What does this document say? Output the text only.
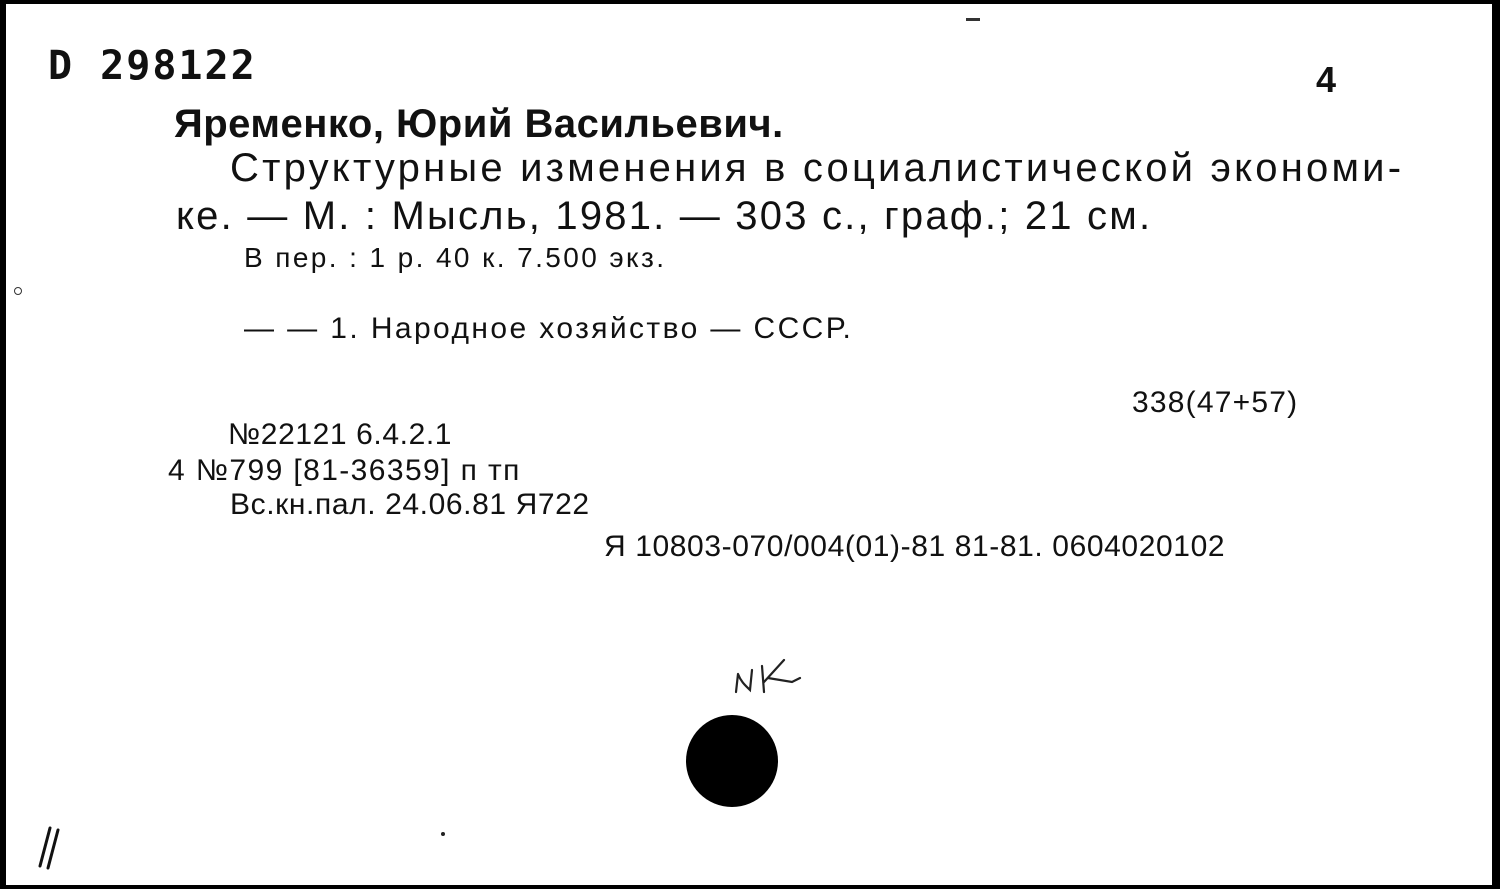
D 298122	4
Яременко, Юрий Васильевич.
Структурные изменения в социалистической экономи-
ке. — М. : Мысль, 1981. — 303 с., граф.; 21 см.
В пер. : 1 р. 40 к. 7.500 экз.
— — 1. Народное хозяйство — СССР.
338(47+57)
№22121 6.4.2.1
4 №799 [81-36359] п тп
Вс.кн.пал. 24.06.81 Я722
Я 10803-070/004(01)-81 81-81. 0604020102
